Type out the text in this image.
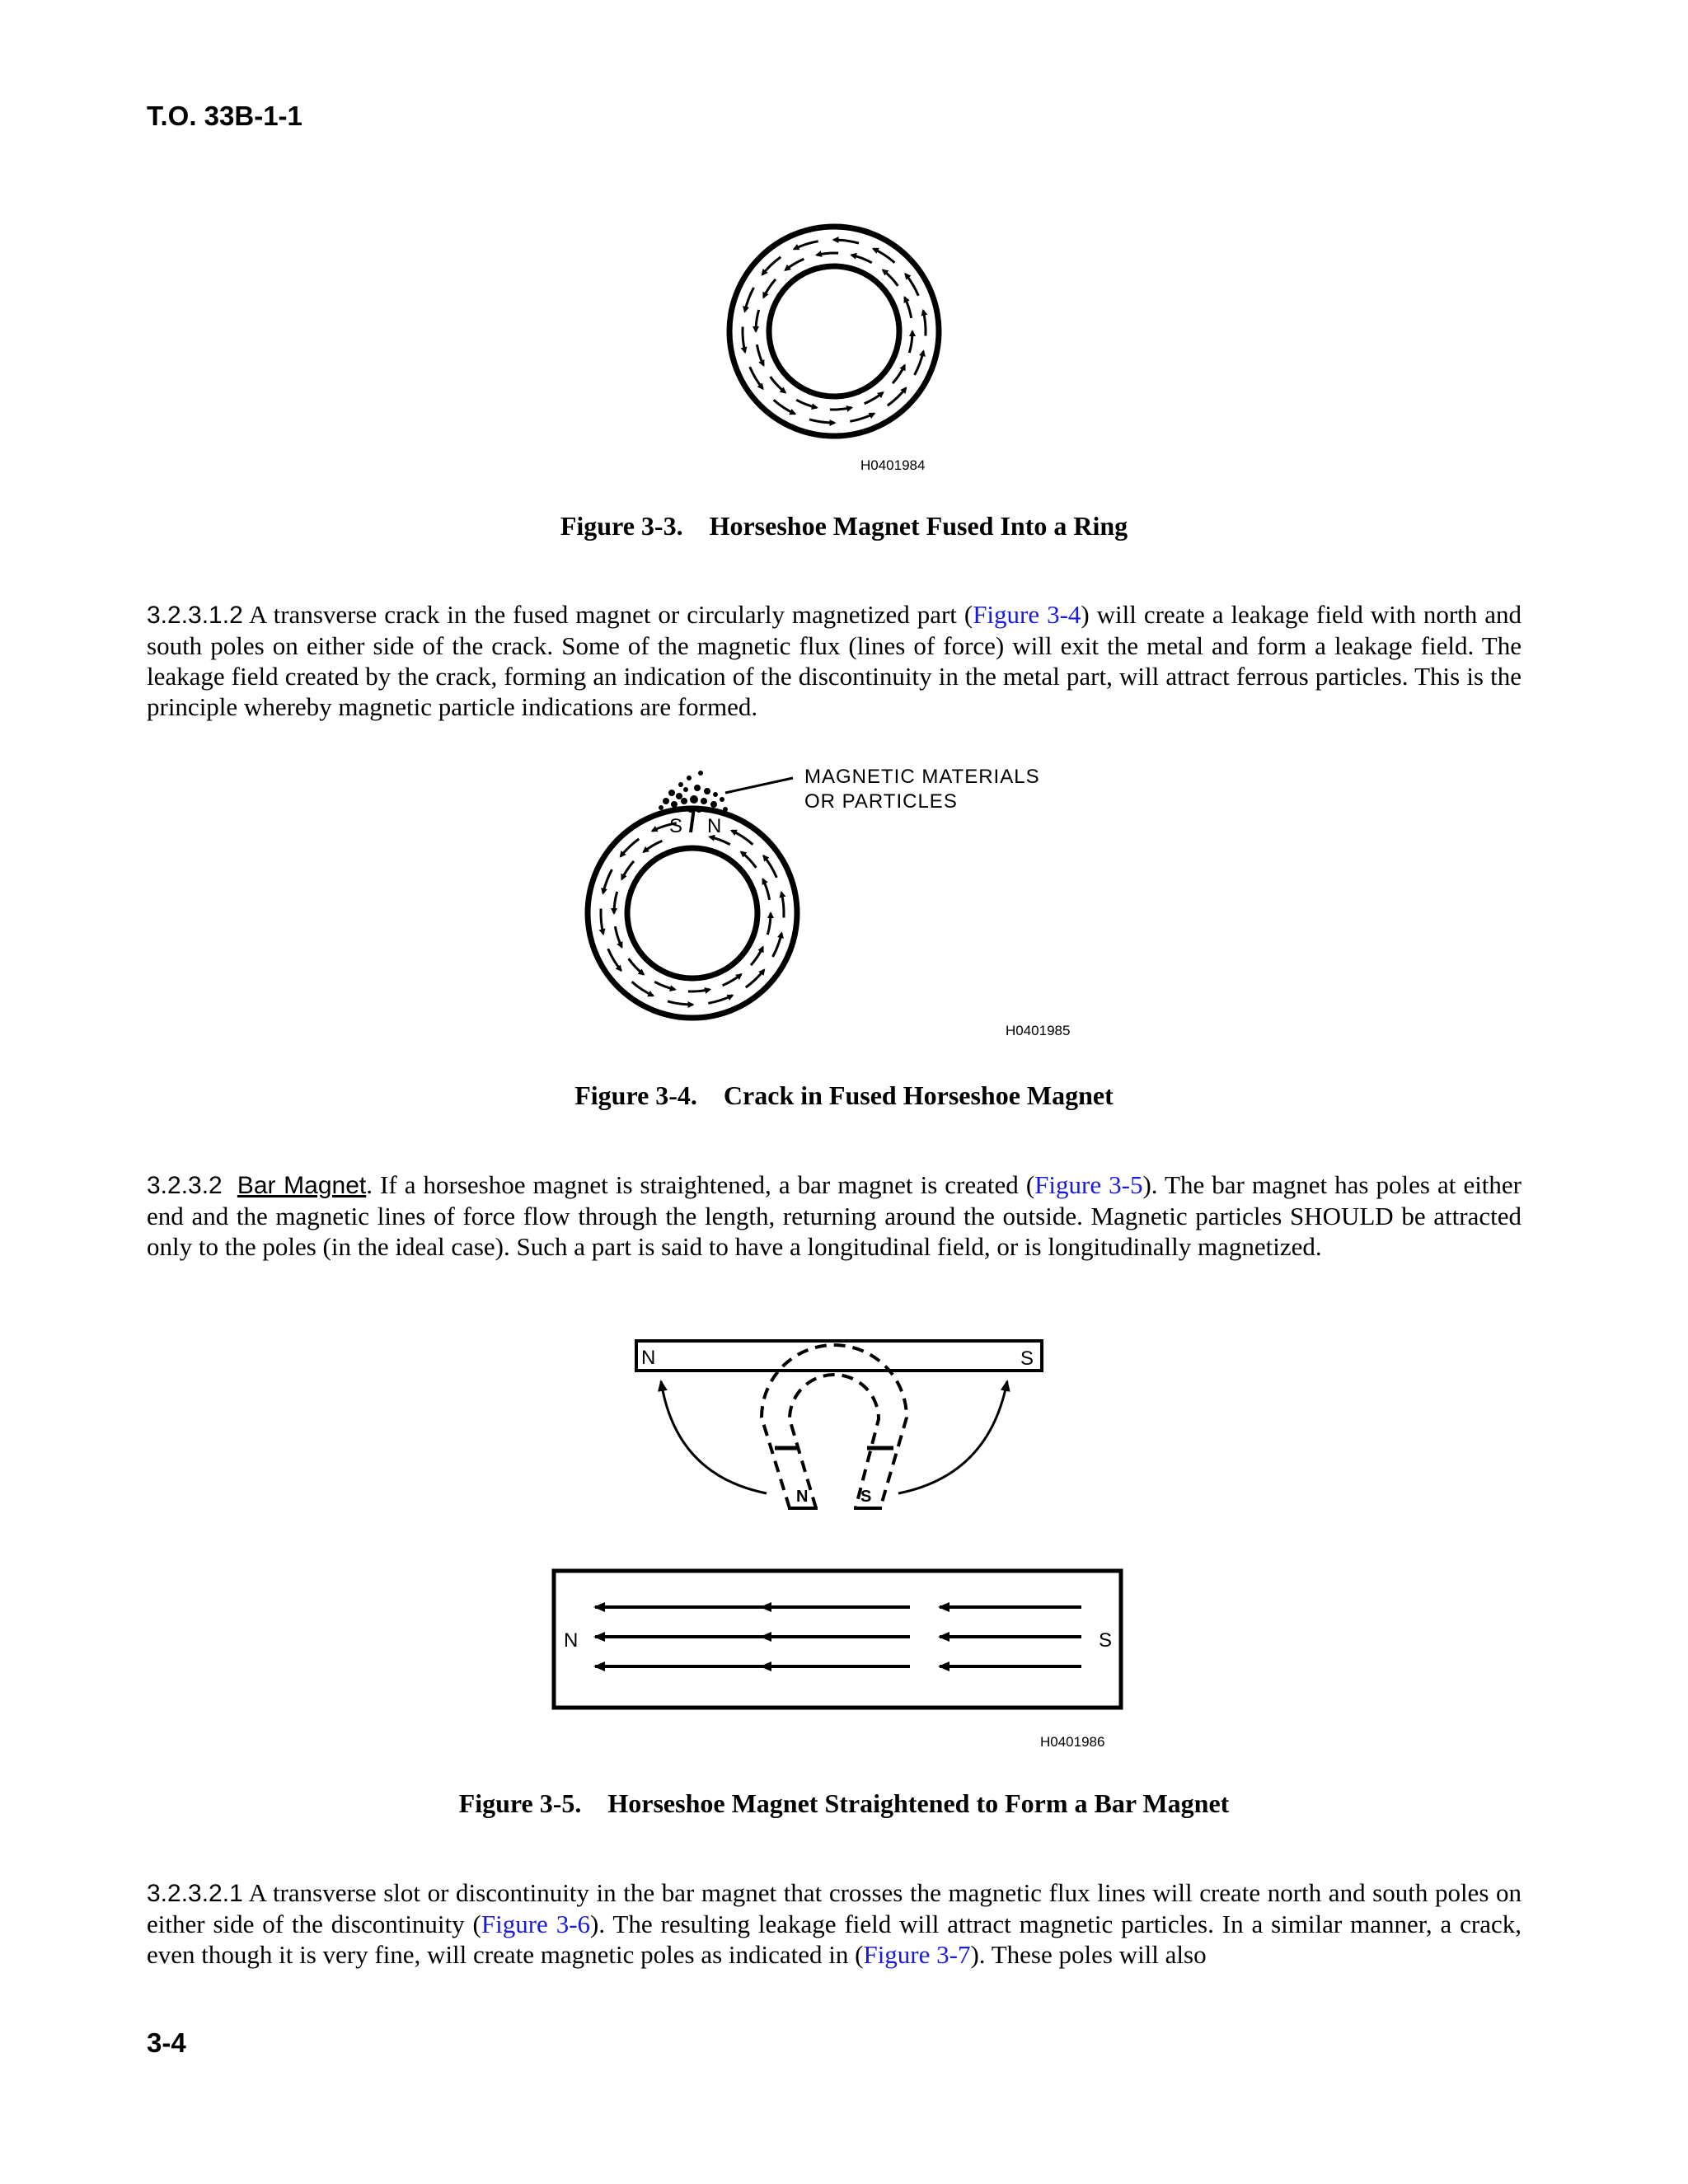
T.O. 33B-1-1
H0401984
Figure 3-3.    Horseshoe Magnet Fused Into a Ring
3.2.3.1.2 A transverse crack in the fused magnet or circularly magnetized part (Figure 3-4) will create a leakage field with north and south poles on either side of the crack. Some of the magnetic flux (lines of force) will exit the metal and form a leakage field. The leakage field created by the crack, forming an indication of the discontinuity in the metal part, will attract ferrous particles. This is the principle whereby magnetic particle indications are formed.
MAGNETIC MATERIALS
OR PARTICLES
S N
H0401985
Figure 3-4.    Crack in Fused Horseshoe Magnet
3.2.3.2 Bar Magnet. If a horseshoe magnet is straightened, a bar magnet is created (Figure 3-5). The bar magnet has poles at either end and the magnetic lines of force flow through the length, returning around the outside. Magnetic particles SHOULD be attracted only to the poles (in the ideal case). Such a part is said to have a longitudinal field, or is longitudinally magnetized.
N	S
N	S
N	S
H0401986
Figure 3-5.    Horseshoe Magnet Straightened to Form a Bar Magnet
3.2.3.2.1 A transverse slot or discontinuity in the bar magnet that crosses the magnetic flux lines will create north and south poles on either side of the discontinuity (Figure 3-6). The resulting leakage field will attract magnetic particles. In a similar manner, a crack, even though it is very fine, will create magnetic poles as indicated in (Figure 3-7). These poles will also
3-4
